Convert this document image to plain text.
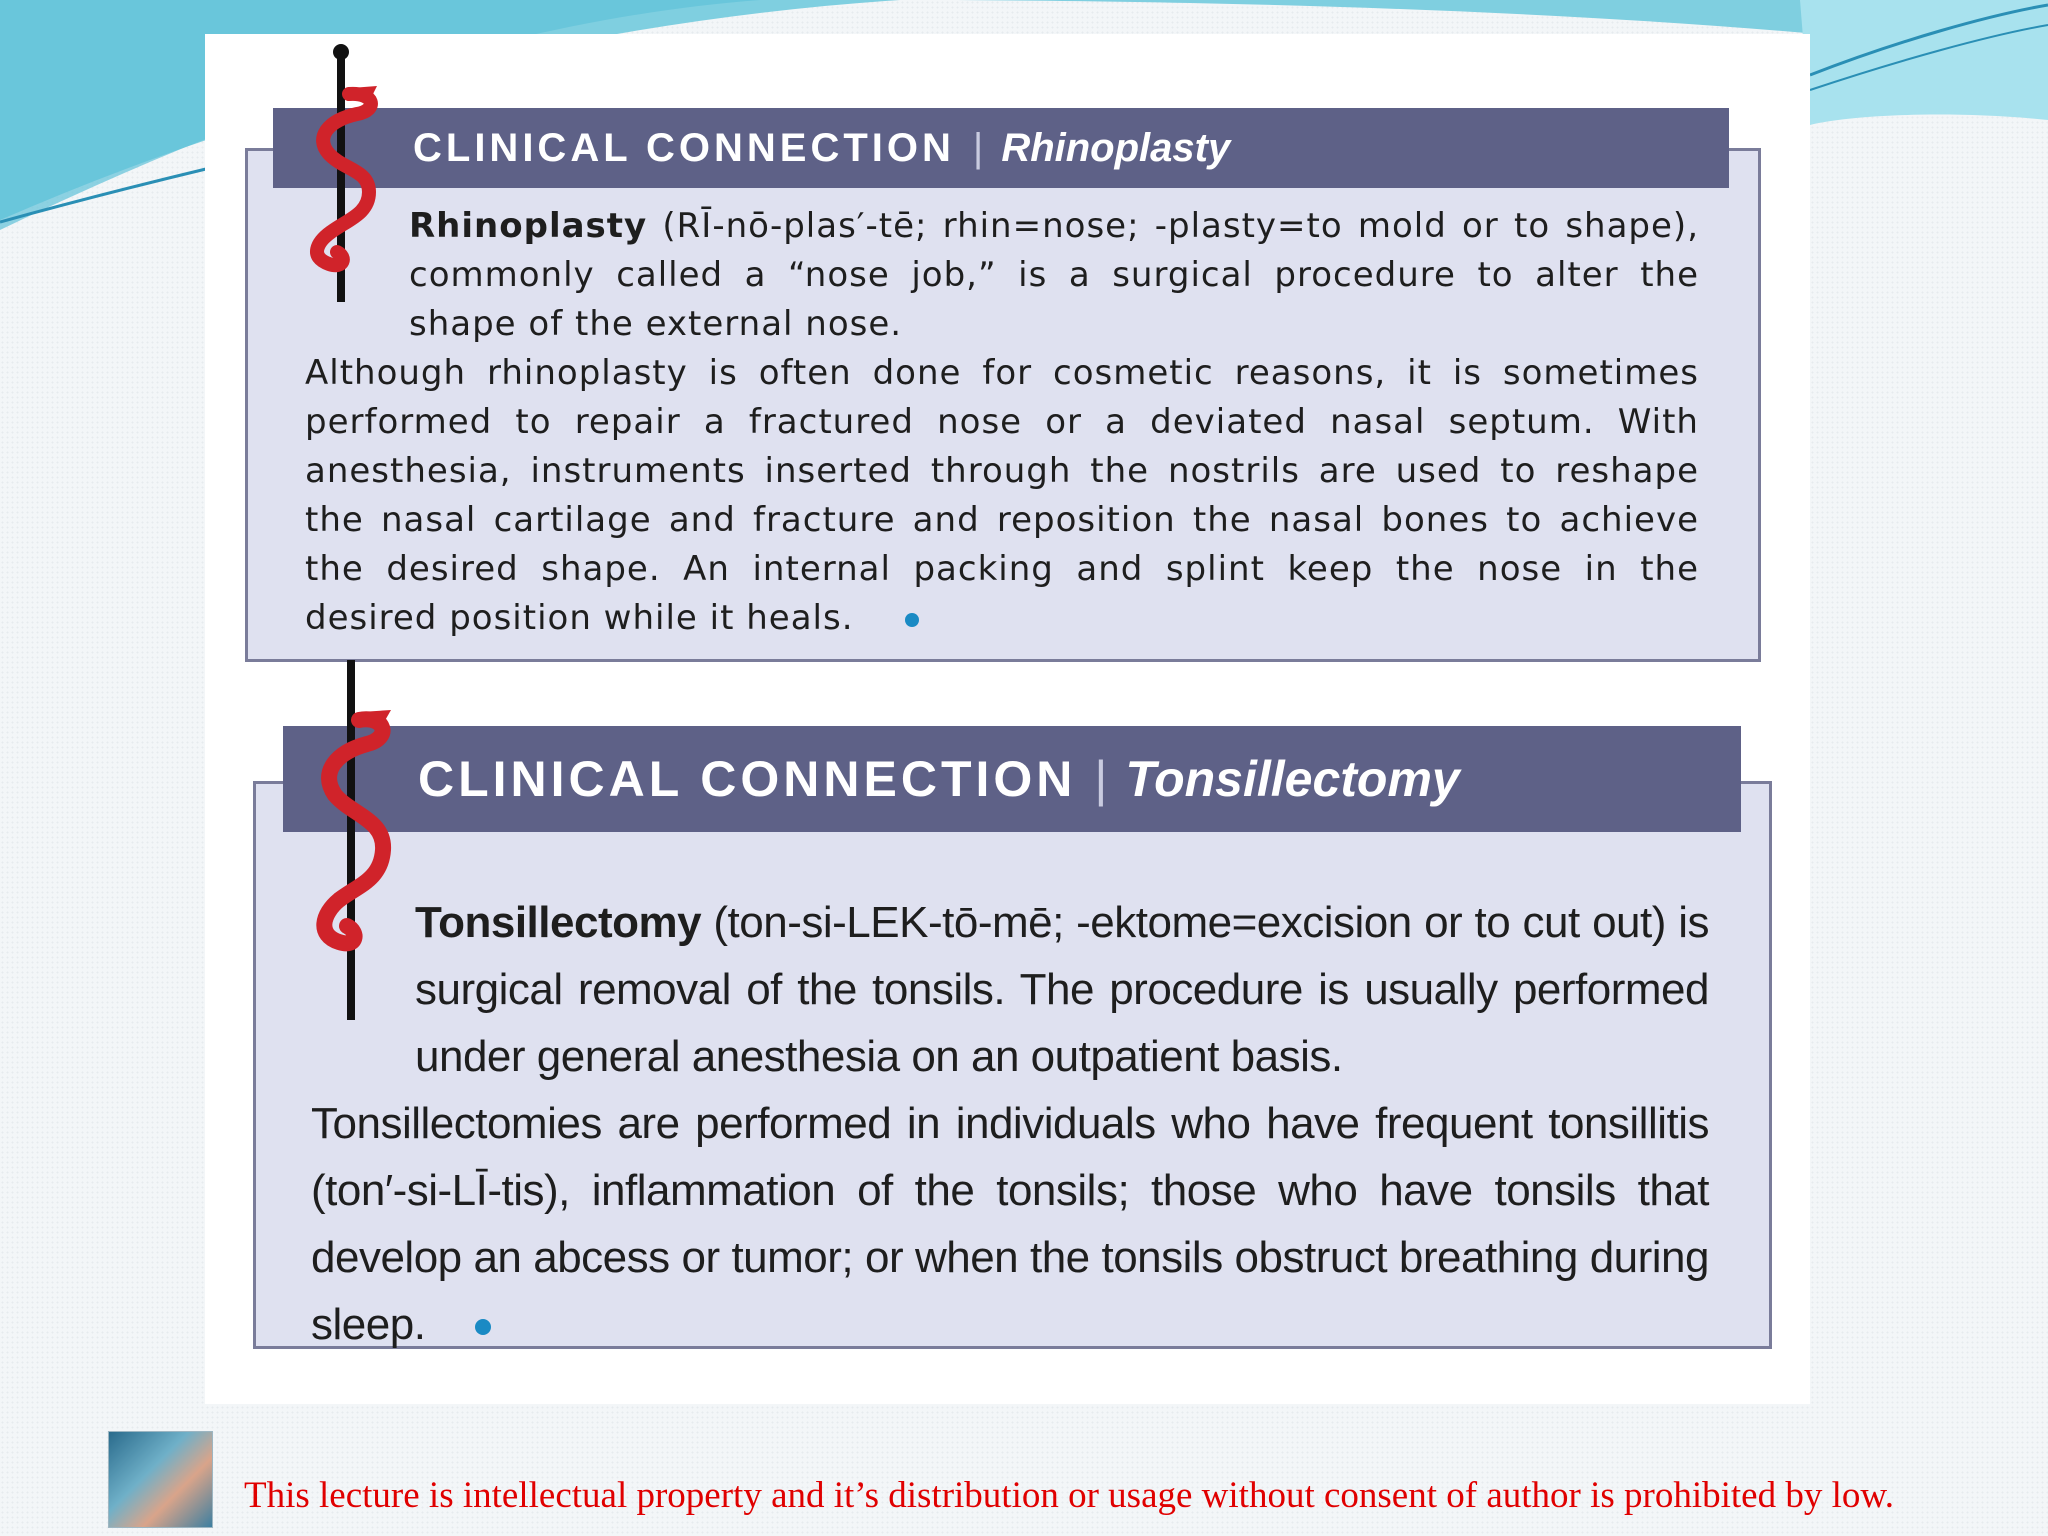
CLINICAL CONNECTION | Rhinoplasty
Rhinoplasty (RĪ-nō-plas′-tē; rhin=nose; -plasty=to mold or to shape), commonly called a “nose job,” is a surgical procedure to alter the shape of the external nose.
Although rhinoplasty is often done for cosmetic reasons, it is sometimes performed to repair a fractured nose or a deviated nasal septum. With anesthesia, instruments inserted through the nostrils are used to reshape the nasal cartilage and fracture and reposition the nasal bones to achieve the desired shape. An internal packing and splint keep the nose in the desired position while it heals.
CLINICAL CONNECTION | Tonsillectomy
Tonsillectomy (ton-si-LEK-tō-mē; -ektome=excision or to cut out) is surgical removal of the tonsils. The procedure is usually performed under general anesthesia on an outpatient basis.
Tonsillectomies are performed in individuals who have frequent tonsillitis (ton′-si-LĪ-tis), inflammation of the tonsils; those who have tonsils that develop an abcess or tumor; or when the tonsils obstruct breathing during sleep.
This lecture is intellectual property and it’s distribution or usage without consent of author is prohibited by low.
